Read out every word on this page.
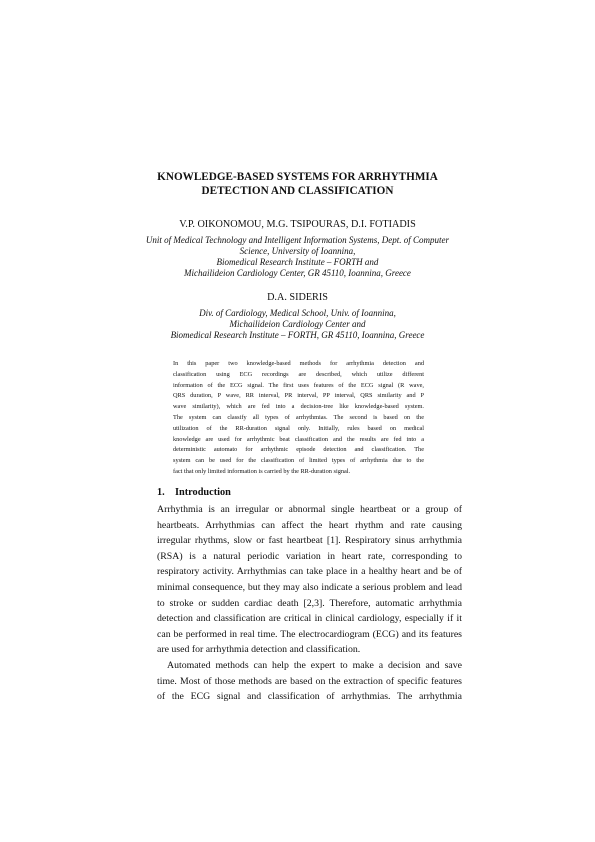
KNOWLEDGE-BASED SYSTEMS FOR ARRHYTHMIA
DETECTION AND CLASSIFICATION
V.P. OIKONOMOU, M.G. TSIPOURAS, D.I. FOTIADIS
Unit of Medical Technology and Intelligent Information Systems, Dept. of Computer
Science, University of Ioannina,
Biomedical Research Institute – FORTH and
Michailideion Cardiology Center, GR 45110, Ioannina, Greece
D.A. SIDERIS
Div. of Cardiology, Medical School, Univ. of Ioannina,
Michailideion Cardiology Center and
Biomedical Research Institute – FORTH, GR 45110, Ioannina, Greece
In this paper two knowledge-based methods for arrhythmia detection and
classification using ECG recordings are described, which utilize different
information of the ECG signal. The first uses features of the ECG signal (R wave,
QRS duration, P wave, RR interval, PR interval, PP interval, QRS similarity and P
wave similarity), which are fed into a decision-tree like knowledge-based system.
The system can classify all types of arrhythmias. The second is based on the
utilization of the RR-duration signal only. Initially, rules based on medical
knowledge are used for arrhythmic beat classification and the results are fed into a
deterministic automato for arrhythmic episode detection and classification. The
system can be used for the classification of limited types of arrhythmia due to the
fact that only limited information is carried by the RR-duration signal.
1. Introduction
Arrhythmia is an irregular or abnormal single heartbeat or a group of
heartbeats. Arrhythmias can affect the heart rhythm and rate causing
irregular rhythms, slow or fast heartbeat [1]. Respiratory sinus arrhythmia
(RSA) is a natural periodic variation in heart rate, corresponding to
respiratory activity. Arrhythmias can take place in a healthy heart and be of
minimal consequence, but they may also indicate a serious problem and lead
to stroke or sudden cardiac death [2,3]. Therefore, automatic arrhythmia
detection and classification are critical in clinical cardiology, especially if it
can be performed in real time. The electrocardiogram (ECG) and its features
are used for arrhythmia detection and classification.
Automated methods can help the expert to make a decision and save
time. Most of those methods are based on the extraction of specific features
of the ECG signal and classification of arrhythmias. The arrhythmia
